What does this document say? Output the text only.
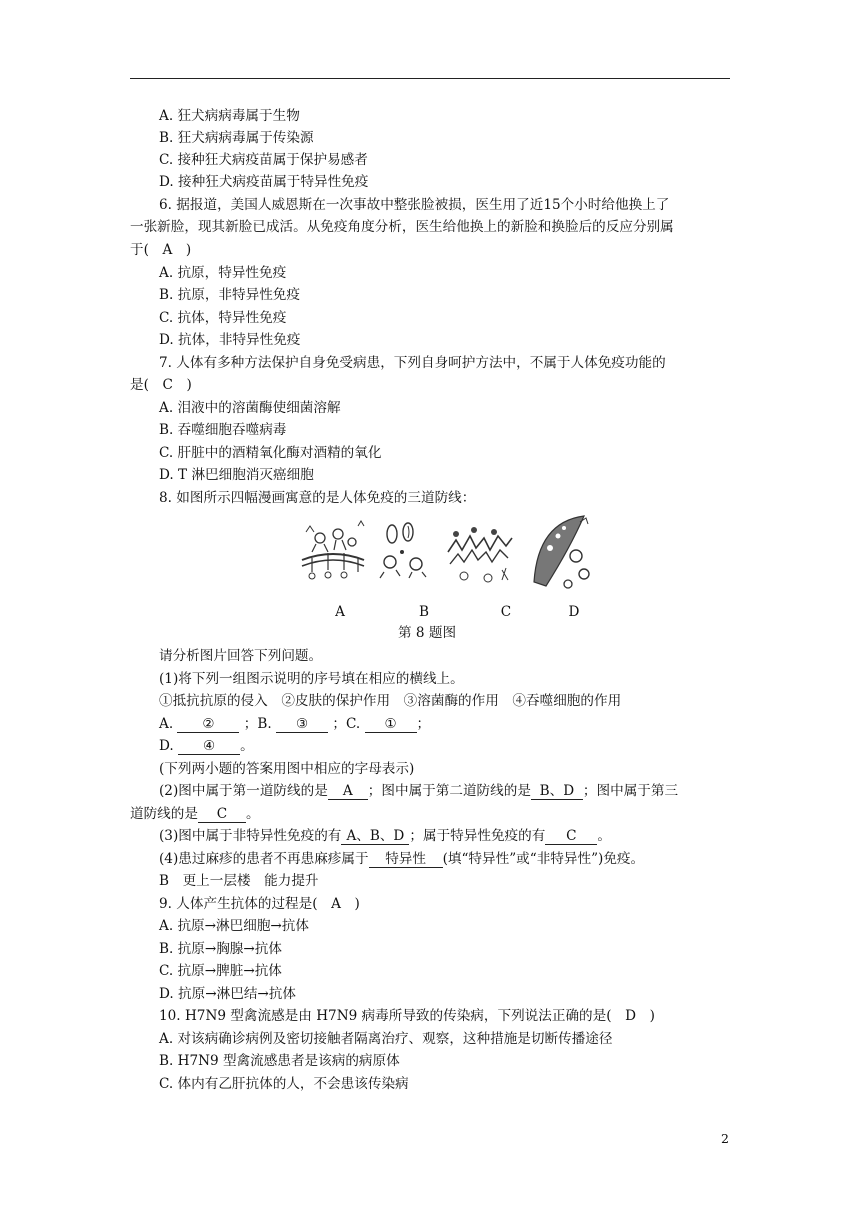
A. 狂犬病病毒属于生物
B. 狂犬病病毒属于传染源
C. 接种狂犬病疫苗属于保护易感者
D. 接种狂犬病疫苗属于特异性免疫
6. 据报道，美国人威恩斯在一次事故中整张脸被损，医生用了近15个小时给他换上了
一张新脸，现其新脸已成活。从免疫角度分析，医生给他换上的新脸和换脸后的反应分别属
于(　A　)
A. 抗原，特异性免疫
B. 抗原，非特异性免疫
C. 抗体，特异性免疫
D. 抗体，非特异性免疫
7. 人体有多种方法保护自身免受病患，下列自身呵护方法中，不属于人体免疫功能的
是(　C　)
A. 泪液中的溶菌酶使细菌溶解
B. 吞噬细胞吞噬病毒
C. 肝脏中的酒精氧化酶对酒精的氧化
D. T 淋巴细胞消灭癌细胞
8. 如图所示四幅漫画寓意的是人体免疫的三道防线：
A	B	C	D
第 8 题图
请分析图片回答下列问题。
(1)将下列一组图示说明的序号填在相应的横线上。
①抵抗抗原的侵入　②皮肤的保护作用　③溶菌酶的作用　④吞噬细胞的作用
A. ② ；B. ③ ；C. ① ；
D. ④ 。
(下列两小题的答案用图中相应的字母表示)
(2)图中属于第一道防线的是 A ；图中属于第二道防线的是 B、D ；图中属于第三
道防线的是 C 。
(3)图中属于非特异性免疫的有 A、B、D ；属于特异性免疫的有 C 。
(4)患过麻疹的患者不再患麻疹属于 特异性 (填“特异性”或“非特异性”)免疫。
B　更上一层楼　能力提升
9. 人体产生抗体的过程是(　A　)
A. 抗原→淋巴细胞→抗体
B. 抗原→胸腺→抗体
C. 抗原→脾脏→抗体
D. 抗原→淋巴结→抗体
10. H7N9 型禽流感是由 H7N9 病毒所导致的传染病，下列说法正确的是(　D　)
A. 对该病确诊病例及密切接触者隔离治疗、观察，这种措施是切断传播途径
B. H7N9 型禽流感患者是该病的病原体
C. 体内有乙肝抗体的人，不会患该传染病
2
